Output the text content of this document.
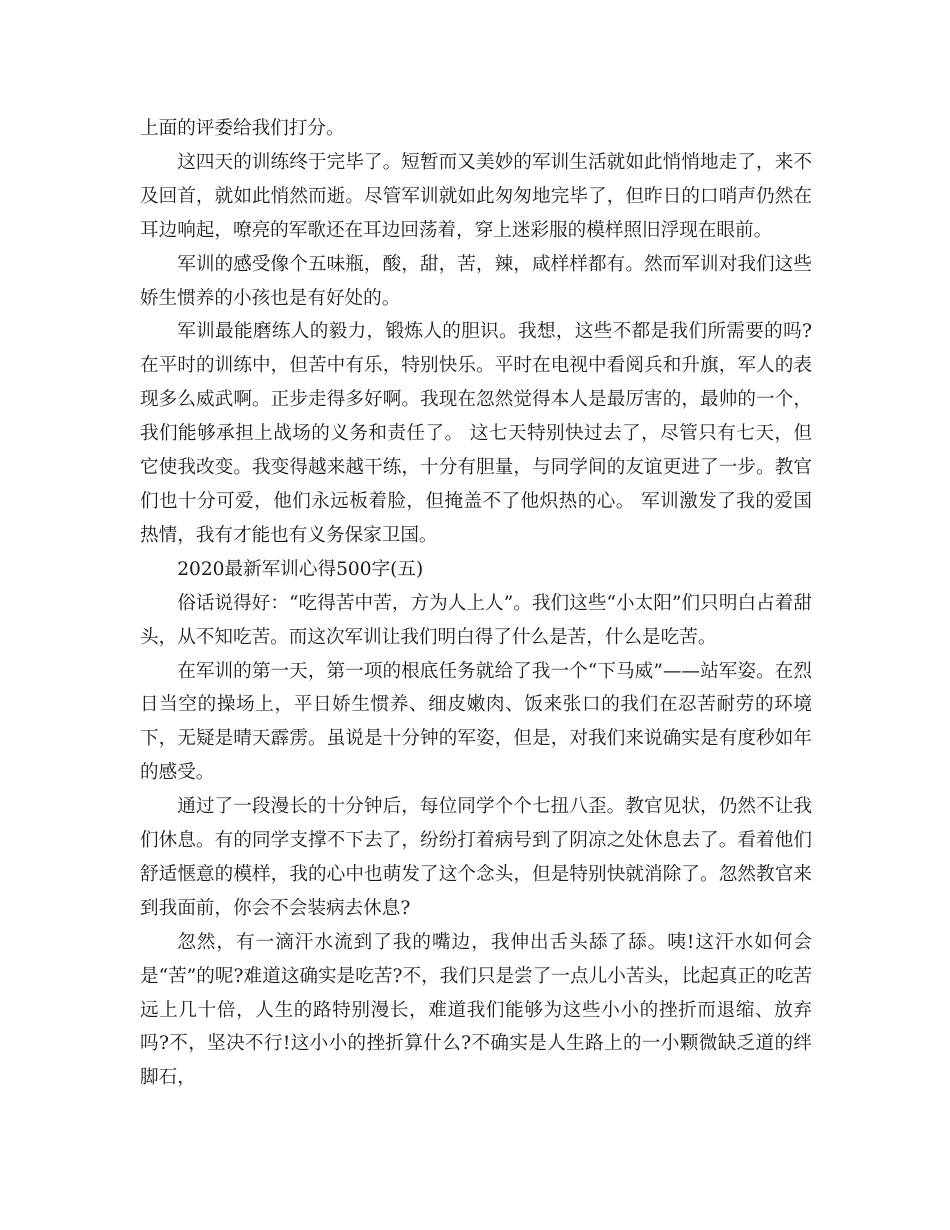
上面的评委给我们打分。

这四天的训练终于完毕了。短暂而又美妙的军训生活就如此悄悄地走了，来不及回首，就如此悄然而逝。尽管军训就如此匆匆地完毕了，但昨日的口哨声仍然在耳边响起，嘹亮的军歌还在耳边回荡着，穿上迷彩服的模样照旧浮现在眼前。

军训的感受像个五味瓶，酸，甜，苦，辣，咸样样都有。然而军训对我们这些娇生惯养的小孩也是有好处的。

军训最能磨练人的毅力，锻炼人的胆识。我想，这些不都是我们所需要的吗?在平时的训练中，但苦中有乐，特别快乐。平时在电视中看阅兵和升旗，军人的表现多么威武啊。正步走得多好啊。我现在忽然觉得本人是最厉害的，最帅的一个，我们能够承担上战场的义务和责任了。 这七天特别快过去了，尽管只有七天，但它使我改变。我变得越来越干练，十分有胆量，与同学间的友谊更进了一步。教官们也十分可爱，他们永远板着脸，但掩盖不了他炽热的心。 军训激发了我的爱国热情，我有才能也有义务保家卫国。

2020最新军训心得500字(五)

俗话说得好：“吃得苦中苦，方为人上人”。我们这些“小太阳”们只明白占着甜头，从不知吃苦。而这次军训让我们明白得了什么是苦，什么是吃苦。

在军训的第一天，第一项的根底任务就给了我一个“下马威”——站军姿。在烈日当空的操场上，平日娇生惯养、细皮嫩肉、饭来张口的我们在忍苦耐劳的环境下，无疑是晴天霹雳。虽说是十分钟的军姿，但是，对我们来说确实是有度秒如年的感受。

通过了一段漫长的十分钟后，每位同学个个七扭八歪。教官见状，仍然不让我们休息。有的同学支撑不下去了，纷纷打着病号到了阴凉之处休息去了。看着他们舒适惬意的模样，我的心中也萌发了这个念头，但是特别快就消除了。忽然教官来到我面前，你会不会装病去休息?

忽然，有一滴汗水流到了我的嘴边，我伸出舌头舔了舔。咦!这汗水如何会是“苦”的呢?难道这确实是吃苦?不，我们只是尝了一点儿小苦头，比起真正的吃苦远上几十倍，人生的路特别漫长，难道我们能够为这些小小的挫折而退缩、放弃吗?不，坚决不行!这小小的挫折算什么?不确实是人生路上的一小颗微缺乏道的绊脚石，
